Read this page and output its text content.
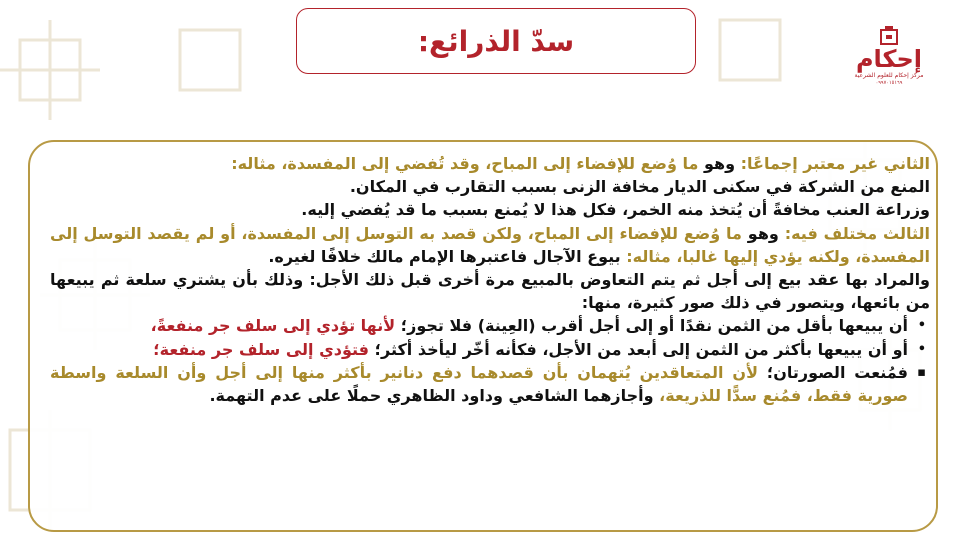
سدّ الذرائع:
إحكام
مركز إحكام للعلوم الشرعية
٠٩٩٧٠١٥١٦٩

الثاني غير معتبر إجماعًا: وهو ما وُضع للإفضاء إلى المباح، وقد تُفضي إلى المفسدة، مثاله:

المنع من الشركة في سكنى الديار مخافة الزنى بسبب التقارب في المكان.

وزراعة العنب مخافةً أن يُتخذ منه الخمر، فكل هذا لا يُمنع بسبب ما قد يُفضي إليه.

الثالث مختلف فيه: وهو ما وُضع للإفضاء إلى المباح، ولكن قصد به التوسل إلى المفسدة، أو لم يقصد التوسل إلى المفسدة، ولكنه يؤدي إليها غالبا، مثاله: بيوع الآجال فاعتبرها الإمام مالك خلافًا لغيره.

والمراد بها عقد بيع إلى أجل ثم يتم التعاوض بالمبيع مرة أخرى قبل ذلك الأجل: وذلك بأن يشتري سلعة ثم يبيعها من بائعها، ويتصور في ذلك صور كثيرة، منها:

•
أن يبيعها بأقل من الثمن نقدًا أو إلى أجل أقرب (العِينة) فلا تجوز؛ لأنها تؤدي إلى سلف جر منفعةً،
•
أو أن يبيعها بأكثر من الثمن إلى أبعد من الأجل، فكأنه أخّر ليأخذ أكثر؛ فتؤدي إلى سلف جر منفعة؛
▪
فمُنعت الصورتان؛ لأن المتعاقدين يُتهمان بأن قصدهما دفع دنانير بأكثر منها إلى أجل وأن السلعة واسطة صورية فقط، فمُنع سدًّا للذريعة، وأجازهما الشافعي وداود الظاهري حملًا على عدم التهمة.
